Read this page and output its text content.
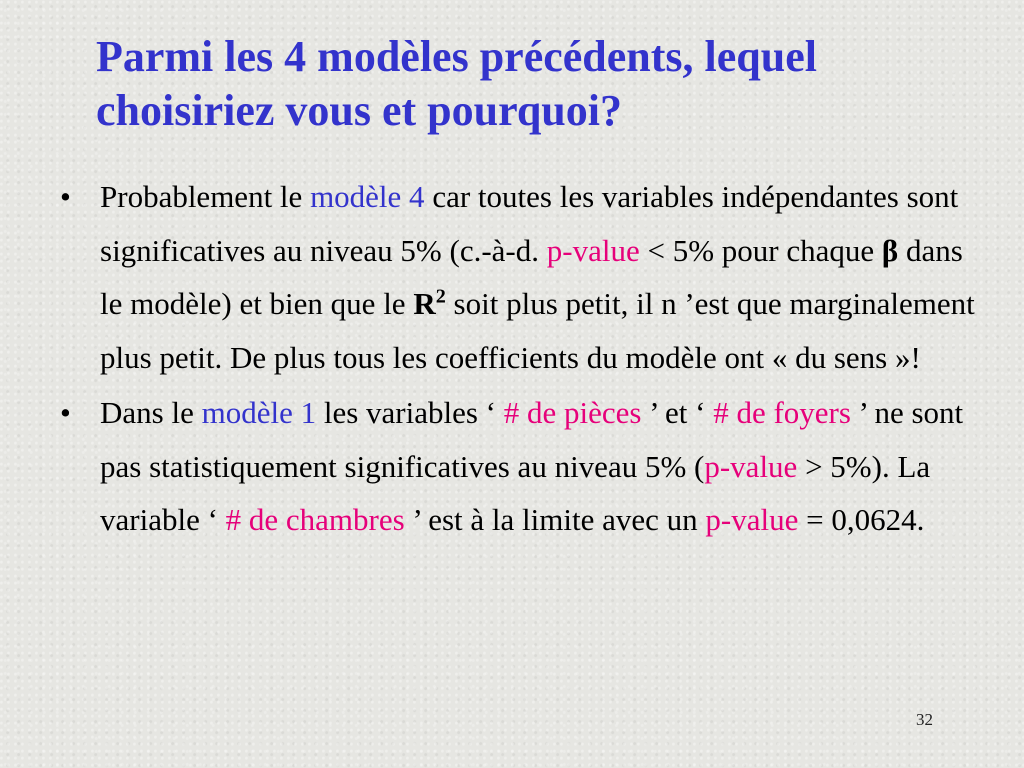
Parmi les 4 modèles précédents, lequel choisiriez vous et pourquoi?
• Probablement le modèle 4 car toutes les variables indépendantes sont significatives au niveau 5% (c.-à-d. p-value < 5% pour chaque β dans le modèle) et bien que le $R^2$ soit plus petit, il n ’est que marginalement plus petit. De plus tous les coefficients du modèle ont « du sens »!
• Dans le modèle 1 les variables ‘ # de pièces ’ et ‘ # de foyers ’ ne sont pas statistiquement significatives au niveau 5% (p-value > 5%). La variable ‘ # de chambres ’ est à la limite avec un p-value = 0,0624.
32
